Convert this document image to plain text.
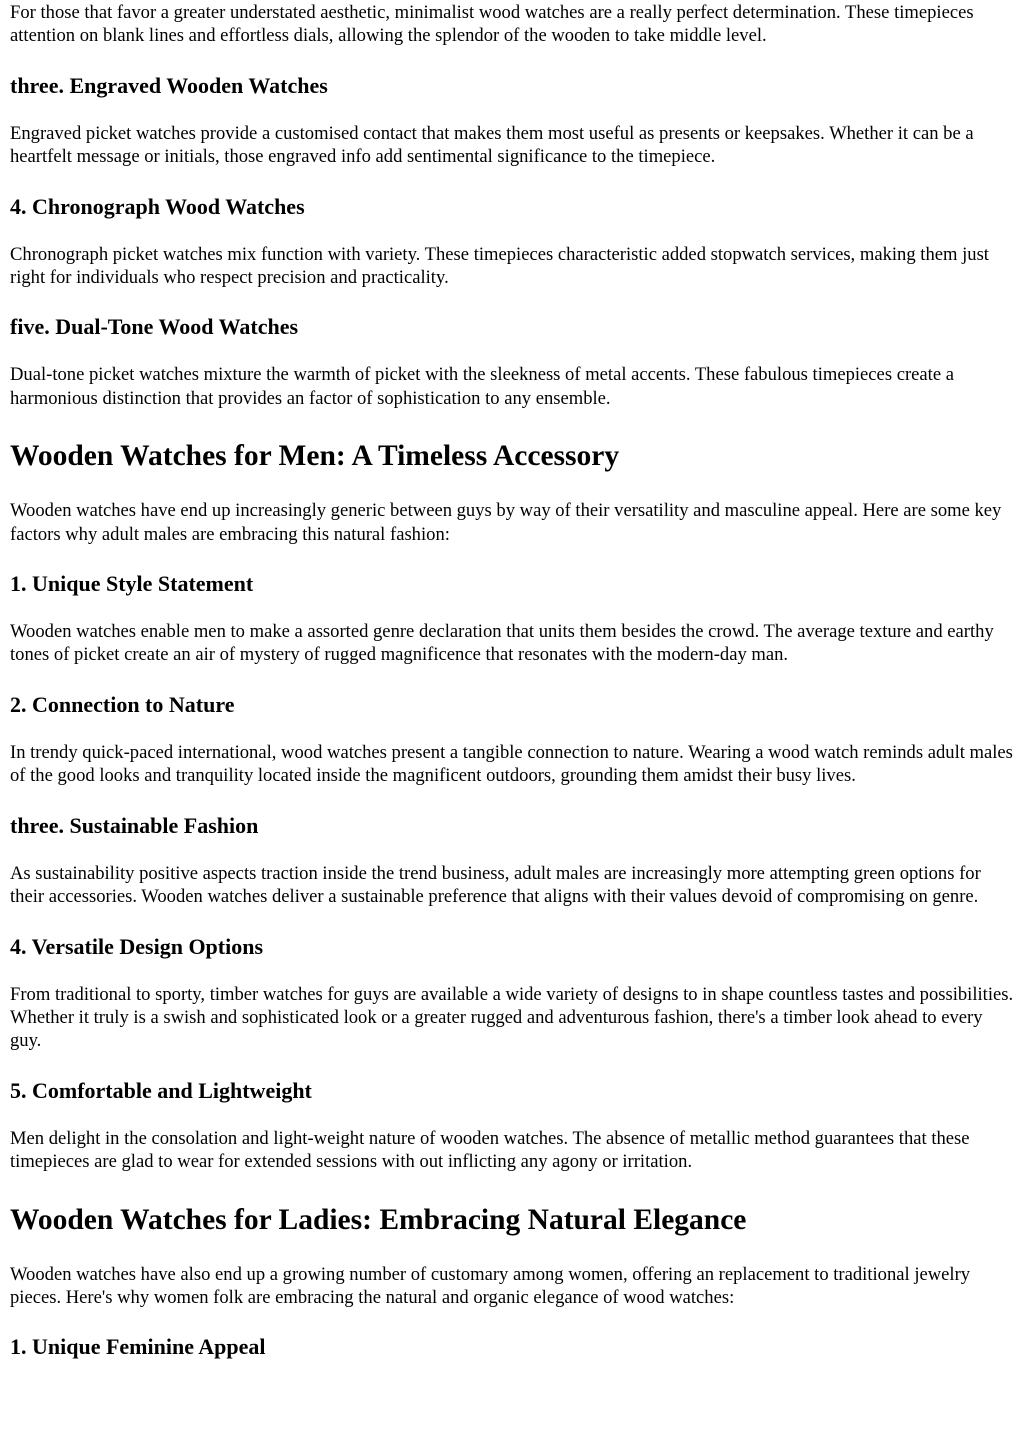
For those that favor a greater understated aesthetic, minimalist wood watches are a really perfect determination. These timepieces attention on blank lines and effortless dials, allowing the splendor of the wooden to take middle level.

three. Engraved Wooden Watches

Engraved picket watches provide a customised contact that makes them most useful as presents or keepsakes. Whether it can be a heartfelt message or initials, those engraved info add sentimental significance to the timepiece.

4. Chronograph Wood Watches

Chronograph picket watches mix function with variety. These timepieces characteristic added stopwatch services, making them just right for individuals who respect precision and practicality.

five. Dual-Tone Wood Watches

Dual-tone picket watches mixture the warmth of picket with the sleekness of metal accents. These fabulous timepieces create a harmonious distinction that provides an factor of sophistication to any ensemble.

Wooden Watches for Men: A Timeless Accessory

Wooden watches have end up increasingly generic between guys by way of their versatility and masculine appeal. Here are some key factors why adult males are embracing this natural fashion:

1. Unique Style Statement

Wooden watches enable men to make a assorted genre declaration that units them besides the crowd. The average texture and earthy tones of picket create an air of mystery of rugged magnificence that resonates with the modern-day man.

2. Connection to Nature

In trendy quick-paced international, wood watches present a tangible connection to nature. Wearing a wood watch reminds adult males of the good looks and tranquility located inside the magnificent outdoors, grounding them amidst their busy lives.

three. Sustainable Fashion

As sustainability positive aspects traction inside the trend business, adult males are increasingly more attempting green options for their accessories. Wooden watches deliver a sustainable preference that aligns with their values devoid of compromising on genre.

4. Versatile Design Options

From traditional to sporty, timber watches for guys are available a wide variety of designs to in shape countless tastes and possibilities. Whether it truly is a swish and sophisticated look or a greater rugged and adventurous fashion, there's a timber look ahead to every guy.

5. Comfortable and Lightweight

Men delight in the consolation and light-weight nature of wooden watches. The absence of metallic method guarantees that these timepieces are glad to wear for extended sessions with out inflicting any agony or irritation.

Wooden Watches for Ladies: Embracing Natural Elegance

Wooden watches have also end up a growing number of customary among women, offering an replacement to traditional jewelry pieces. Here's why women folk are embracing the natural and organic elegance of wood watches:

1. Unique Feminine Appeal
